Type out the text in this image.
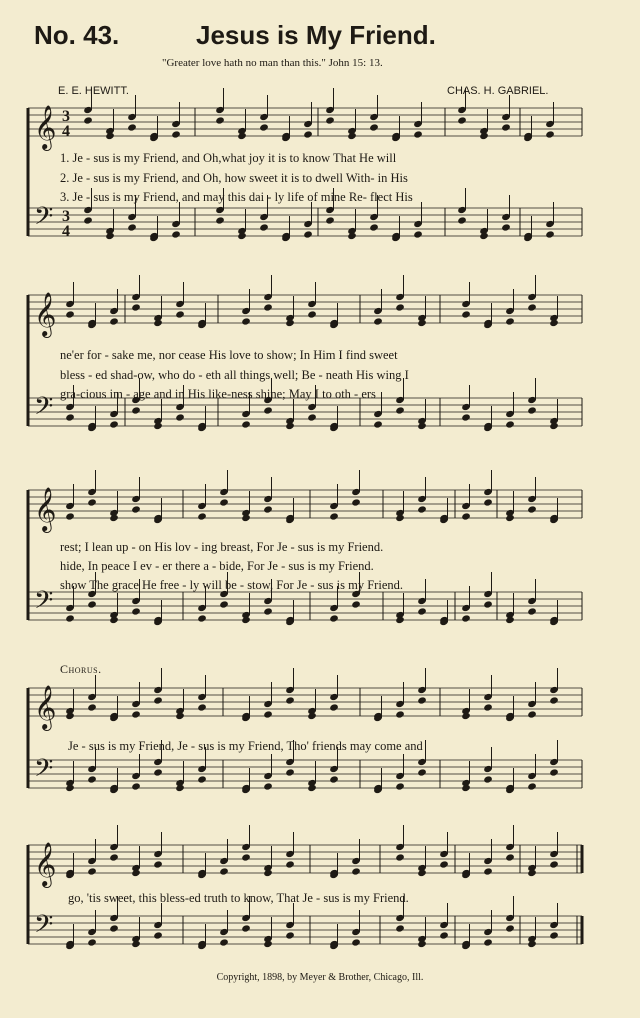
No. 43.	Jesus is My Friend.
"Greater love hath no man than this." John 15: 13.
E. E. HEWITT.	CHAS. H. GABRIEL.
𝄞 3
4
𝄢 3
4
𝄞
𝄢
𝄞
𝄢
𝄞
𝄢
𝄞
𝄢
1. Je - sus is my Friend, and Oh,what joy it is to know That He will
2. Je - sus is my Friend, and Oh, how sweet it is to dwell With- in His
3. Je - sus is my Friend, and may this dai - ly life of mine Re- flect His
ne'er for - sake me, nor cease His love to show; In Him I find sweet
bless - ed shad-ow, who do - eth all things well; Be - neath His wing I
gra-cious im - age and in His like-ness shine; May I to oth - ers
rest; I lean up - on His lov - ing breast, For Je - sus is my Friend.
hide, In peace I ev - er there a - bide, For Je - sus is my Friend.
show The grace He free - ly will be - stow, For Je - sus is my Friend.
Chorus.
Je - sus is my Friend, Je - sus is my Friend, Tho' friends may come and
go, 'tis sweet, this bless-ed truth to know, That Je - sus is my Friend.
Copyright, 1898, by Meyer & Brother, Chicago, Ill.
